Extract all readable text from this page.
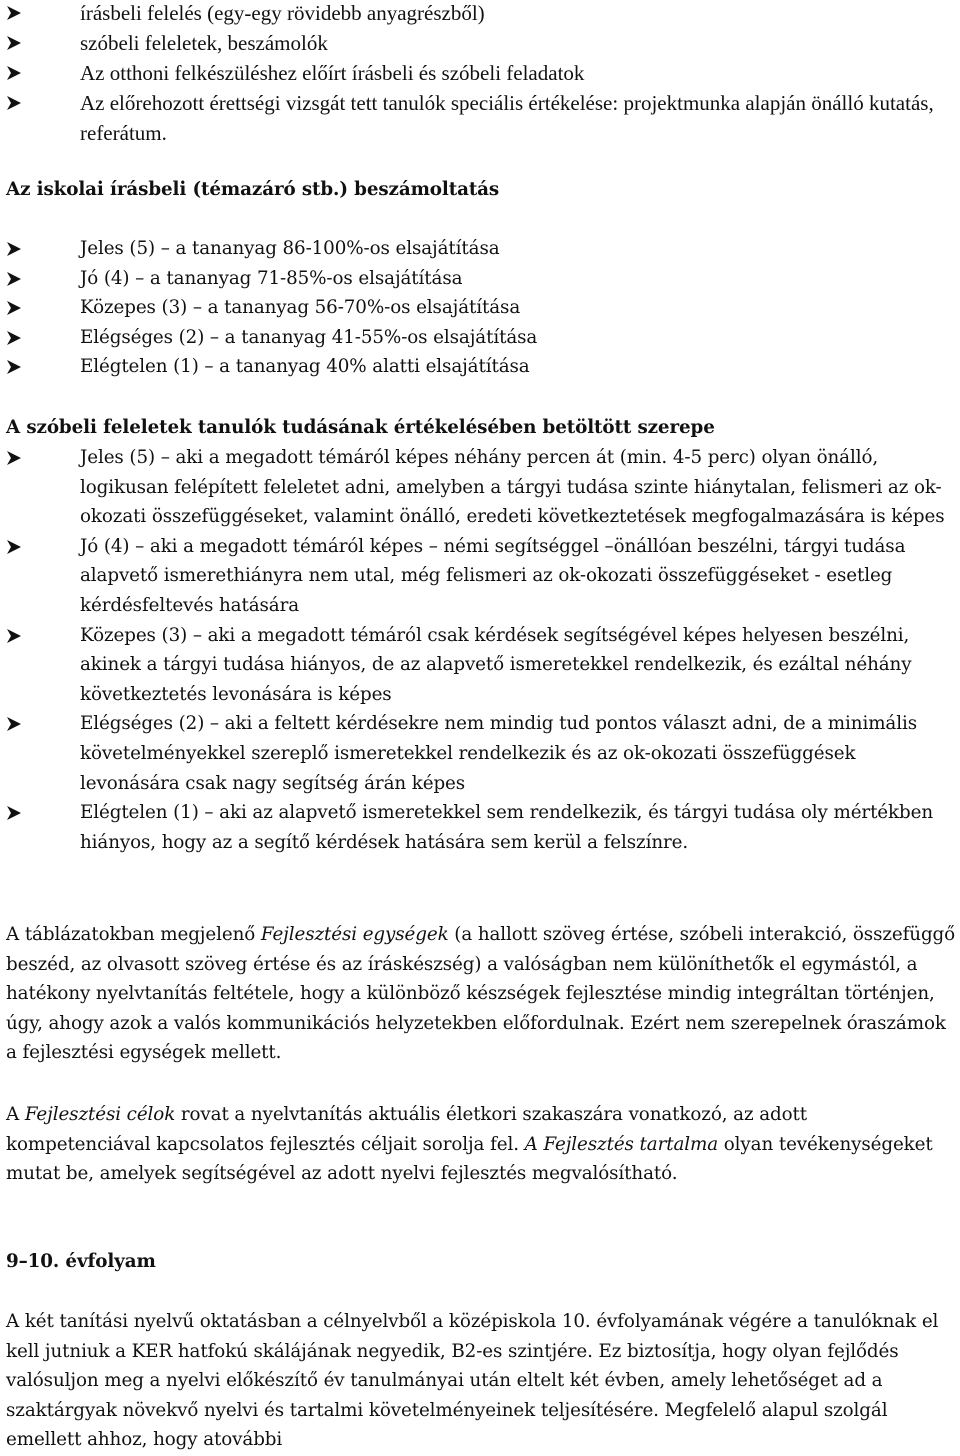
írásbeli felelés (egy-egy rövidebb anyagrészből)
szóbeli feleletek, beszámolók
Az otthoni felkészüléshez előírt írásbeli és szóbeli feladatok
Az előrehozott érettségi vizsgát tett tanulók speciális értékelése: projektmunka alapján önálló kutatás, referátum.
Az iskolai írásbeli (témazáró stb.) beszámoltatás
Jeles (5) – a tananyag 86-100%-os elsajátítása
Jó (4) – a tananyag 71-85%-os elsajátítása
Közepes (3) – a tananyag 56-70%-os elsajátítása
Elégséges (2) – a tananyag 41-55%-os elsajátítása
Elégtelen (1) – a tananyag 40% alatti elsajátítása
A szóbeli feleletek tanulók tudásának értékelésében betöltött szerepe
Jeles (5) – aki a megadott témáról képes néhány percen át (min. 4-5 perc) olyan önálló, logikusan felépített feleletet adni, amelyben a tárgyi tudása szinte hiánytalan, felismeri az ok-okozati összefüggéseket, valamint önálló, eredeti következtetések megfogalmazására is képes
Jó (4) – aki a megadott témáról képes – némi segítséggel –önállóan beszélni, tárgyi tudása alapvető ismerethiányra nem utal, még felismeri az ok-okozati összefüggéseket - esetleg kérdésfeltevés hatására
Közepes (3) – aki a megadott témáról csak kérdések segítségével képes helyesen beszélni, akinek a tárgyi tudása hiányos, de az alapvető ismeretekkel rendelkezik, és ezáltal néhány következtetés levonására is képes
Elégséges (2) – aki a feltett kérdésekre nem mindig tud pontos választ adni, de a minimális követelményekkel szereplő ismeretekkel rendelkezik és az ok-okozati összefüggések levonására csak nagy segítség árán képes
Elégtelen (1) – aki az alapvető ismeretekkel sem rendelkezik, és tárgyi tudása oly mértékben hiányos, hogy az a segítő kérdések hatására sem kerül a felszínre.

A táblázatokban megjelenő Fejlesztési egységek (a hallott szöveg értése, szóbeli interakció, összefüggő beszéd, az olvasott szöveg értése és az íráskészség) a valóságban nem különíthetők el egymástól, a hatékony nyelvtanítás feltétele, hogy a különböző készségek fejlesztése mindig integráltan történjen, úgy, ahogy azok a valós kommunikációs helyzetekben előfordulnak. Ezért nem szerepelnek óraszámok a fejlesztési egységek mellett.

A Fejlesztési célok rovat a nyelvtanítás aktuális életkori szakaszára vonatkozó, az adott kompetenciával kapcsolatos fejlesztés céljait sorolja fel. A Fejlesztés tartalma olyan tevékenységeket mutat be, amelyek segítségével az adott nyelvi fejlesztés megvalósítható.

9–10. évfolyam

A két tanítási nyelvű oktatásban a célnyelvből a középiskola 10. évfolyamának végére a tanulóknak el kell jutniuk a KER hatfokú skálájának negyedik, B2-es szintjére. Ez biztosítja, hogy olyan fejlődés valósuljon meg a nyelvi előkészítő év tanulmányai után eltelt két évben, amely lehetőséget ad a szaktárgyak növekvő nyelvi és tartalmi követelményeinek teljesítésére. Megfelelő alapul szolgál emellett ahhoz, hogy atovábbi
